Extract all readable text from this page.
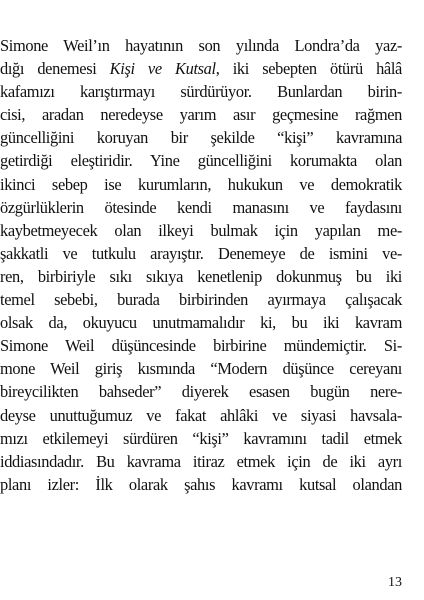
Simone Weil’ın hayatının son yılında Londra’da yaz-
dığı denemesi Kişi ve Kutsal, iki sebepten ötürü hâlâ
kafamızı karıştırmayı sürdürüyor. Bunlardan birin-
cisi, aradan neredeyse yarım asır geçmesine rağmen
güncelliğini koruyan bir şekilde “kişi” kavramına
getirdiği eleştiridir. Yine güncelliğini korumakta olan
ikinci sebep ise kurumların, hukukun ve demokratik
özgürlüklerin ötesinde kendi manasını ve faydasını
kaybetmeyecek olan ilkeyi bulmak için yapılan me-
şakkatli ve tutkulu arayıştır. Denemeye de ismini ve-
ren, birbiriyle sıkı sıkıya kenetlenip dokunmuş bu iki
temel sebebi, burada birbirinden ayırmaya çalışacak
olsak da, okuyucu unutmamalıdır ki, bu iki kavram
Simone Weil düşüncesinde birbirine mündemiçtir. Si-
mone Weil giriş kısmında “Modern düşünce cereyanı
bireycilikten bahseder” diyerek esasen bugün nere-
deyse unuttuğumuz ve fakat ahlâki ve siyasi havsala-
mızı etkilemeyi sürdüren “kişi” kavramını tadil etmek
iddiasındadır. Bu kavrama itiraz etmek için de iki ayrı
planı izler: İlk olarak şahıs kavramı kutsal olandan
13
